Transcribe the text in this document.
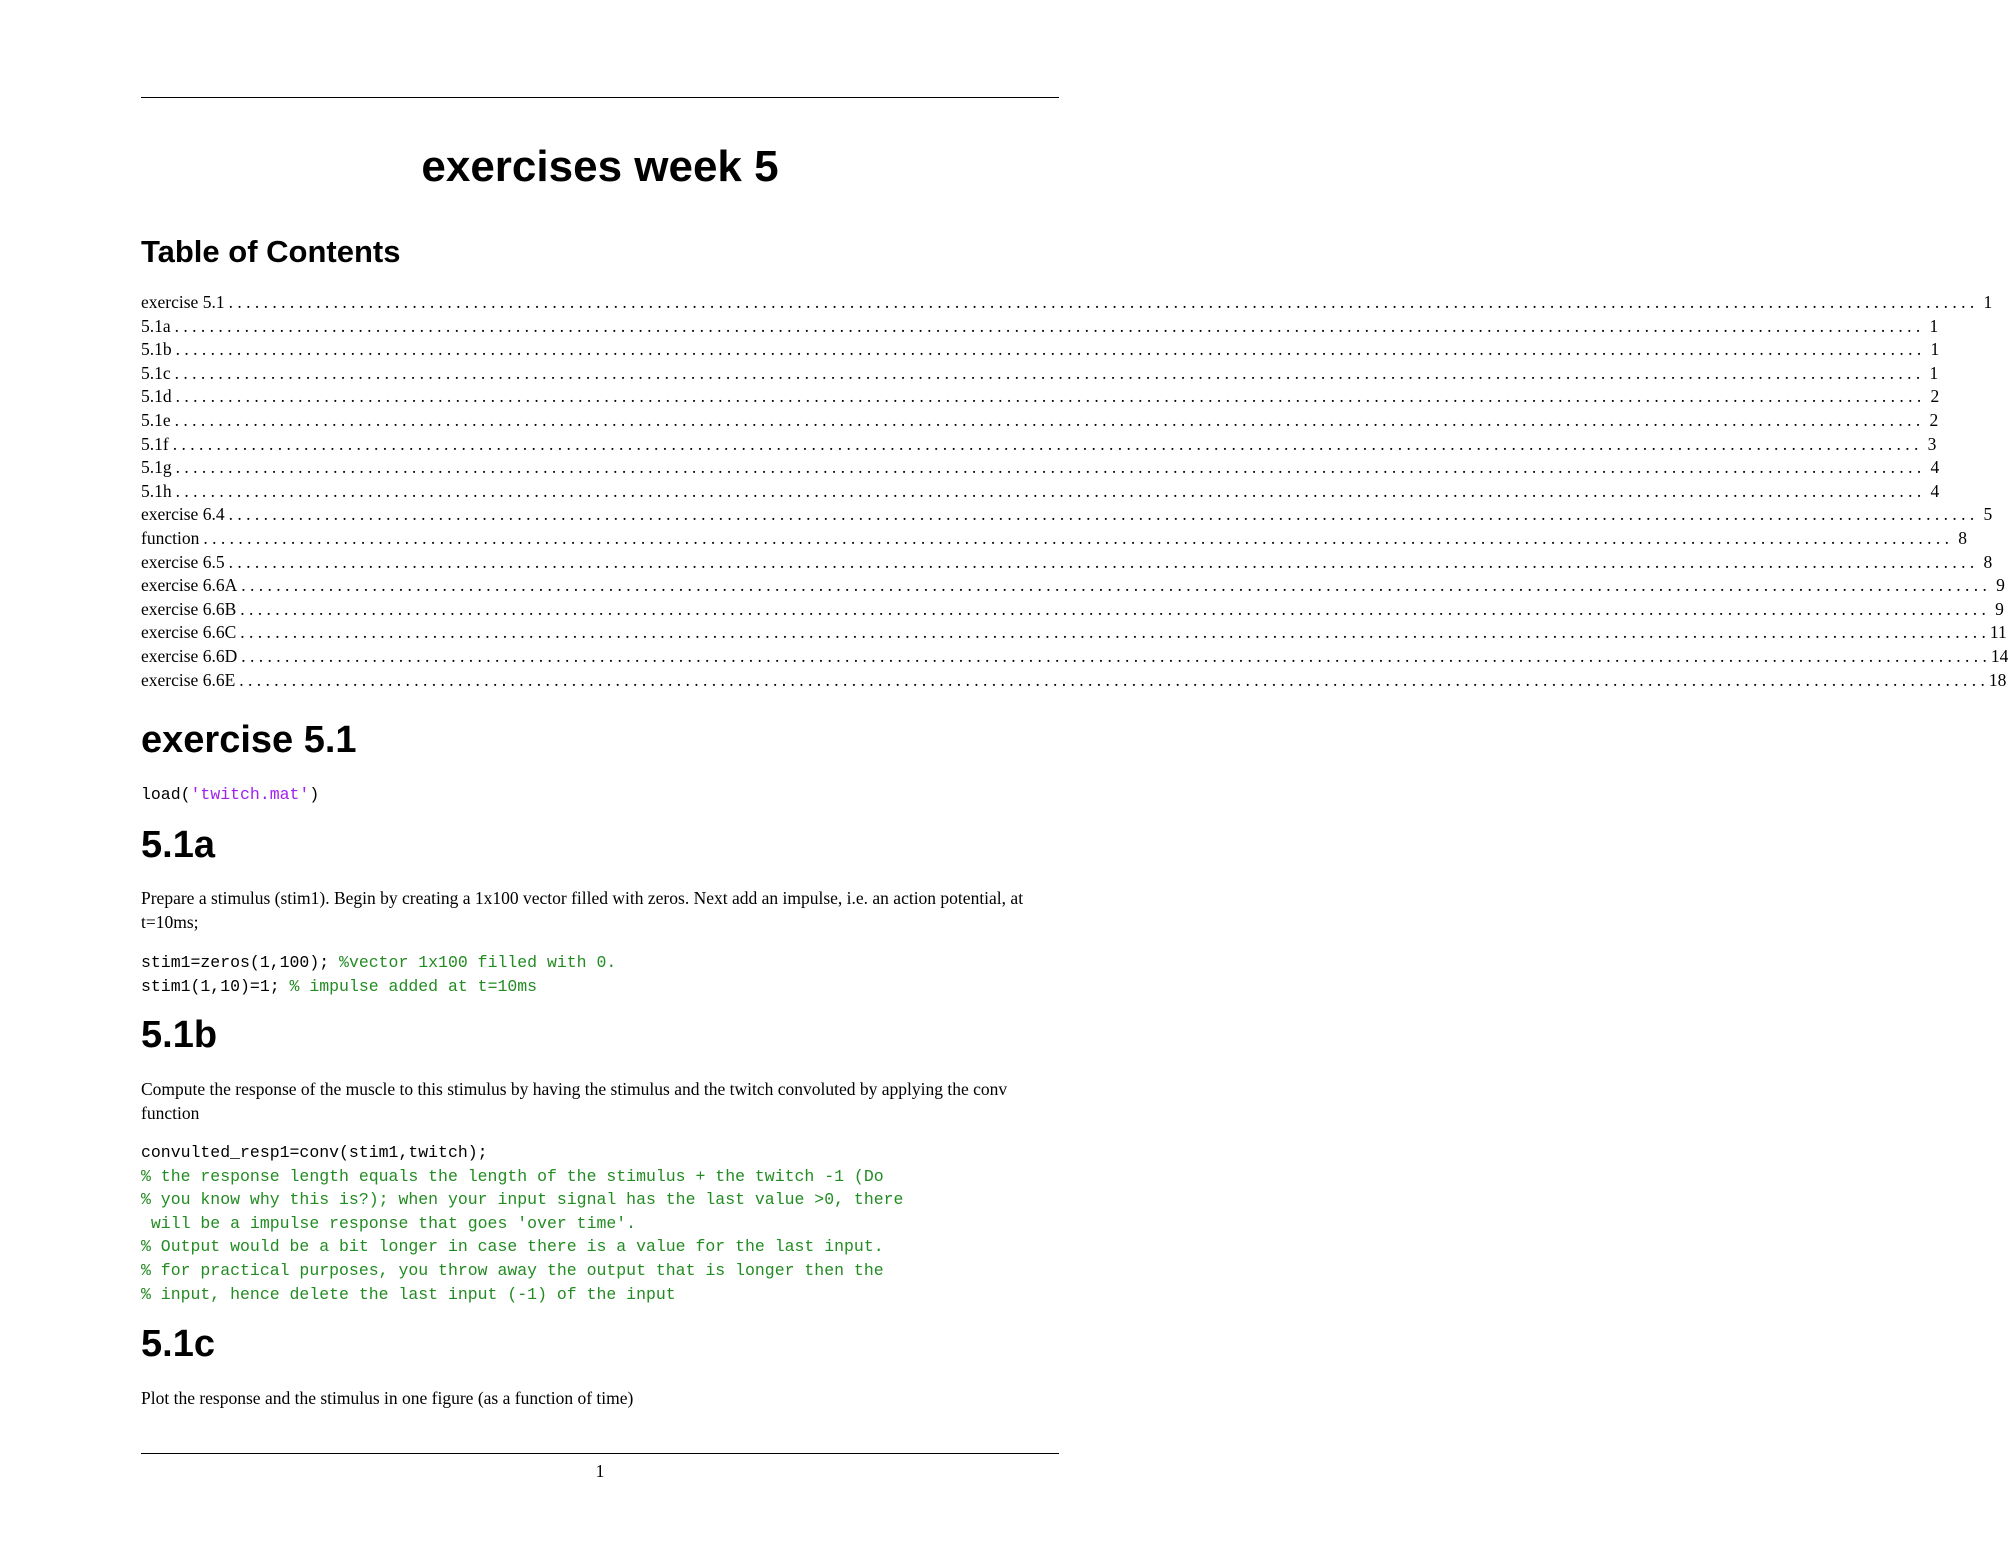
exercises week 5
Table of Contents
exercise 5.1 . . . . . . . . . . . . . . . . . . . . . . . . . . . . . . . . . . . . . . . . . . . . . . . . . . . . . . . . . . . . . . . . . . . . . . . . . . . . . . . . . . . . . . . . . . . . . . . . . . . . . . . . . . . . . . . . . . . . . . . . . . . . . . . . . . . . . . . . . . . . . . . . . . . . . . . . . . . . . . . . . . . . . . . . . . . . . . . . . . . . . . . . . . . . . . . . . . . . . . . . 1
5.1a . . . . . . . . . . . . . . . . . . . . . . . . . . . . . . . . . . . . . . . . . . . . . . . . . . . . . . . . . . . . . . . . . . . . . . . . . . . . . . . . . . . . . . . . . . . . . . . . . . . . . . . . . . . . . . . . . . . . . . . . . . . . . . . . . . . . . . . . . . . . . . . . . . . . . . . . . . . . . . . . . . . . . . . . . . . . . . . . . . . . . . . . . . . . . . . . . . . . . . . . 1
5.1b . . . . . . . . . . . . . . . . . . . . . . . . . . . . . . . . . . . . . . . . . . . . . . . . . . . . . . . . . . . . . . . . . . . . . . . . . . . . . . . . . . . . . . . . . . . . . . . . . . . . . . . . . . . . . . . . . . . . . . . . . . . . . . . . . . . . . . . . . . . . . . . . . . . . . . . . . . . . . . . . . . . . . . . . . . . . . . . . . . . . . . . . . . . . . . . . . . . . . . . . 1
5.1c . . . . . . . . . . . . . . . . . . . . . . . . . . . . . . . . . . . . . . . . . . . . . . . . . . . . . . . . . . . . . . . . . . . . . . . . . . . . . . . . . . . . . . . . . . . . . . . . . . . . . . . . . . . . . . . . . . . . . . . . . . . . . . . . . . . . . . . . . . . . . . . . . . . . . . . . . . . . . . . . . . . . . . . . . . . . . . . . . . . . . . . . . . . . . . . . . . . . . . . . 1
5.1d . . . . . . . . . . . . . . . . . . . . . . . . . . . . . . . . . . . . . . . . . . . . . . . . . . . . . . . . . . . . . . . . . . . . . . . . . . . . . . . . . . . . . . . . . . . . . . . . . . . . . . . . . . . . . . . . . . . . . . . . . . . . . . . . . . . . . . . . . . . . . . . . . . . . . . . . . . . . . . . . . . . . . . . . . . . . . . . . . . . . . . . . . . . . . . . . . . . . . . . . 2
5.1e . . . . . . . . . . . . . . . . . . . . . . . . . . . . . . . . . . . . . . . . . . . . . . . . . . . . . . . . . . . . . . . . . . . . . . . . . . . . . . . . . . . . . . . . . . . . . . . . . . . . . . . . . . . . . . . . . . . . . . . . . . . . . . . . . . . . . . . . . . . . . . . . . . . . . . . . . . . . . . . . . . . . . . . . . . . . . . . . . . . . . . . . . . . . . . . . . . . . . . . . 2
5.1f . . . . . . . . . . . . . . . . . . . . . . . . . . . . . . . . . . . . . . . . . . . . . . . . . . . . . . . . . . . . . . . . . . . . . . . . . . . . . . . . . . . . . . . . . . . . . . . . . . . . . . . . . . . . . . . . . . . . . . . . . . . . . . . . . . . . . . . . . . . . . . . . . . . . . . . . . . . . . . . . . . . . . . . . . . . . . . . . . . . . . . . . . . . . . . . . . . . . . . . . 3
5.1g . . . . . . . . . . . . . . . . . . . . . . . . . . . . . . . . . . . . . . . . . . . . . . . . . . . . . . . . . . . . . . . . . . . . . . . . . . . . . . . . . . . . . . . . . . . . . . . . . . . . . . . . . . . . . . . . . . . . . . . . . . . . . . . . . . . . . . . . . . . . . . . . . . . . . . . . . . . . . . . . . . . . . . . . . . . . . . . . . . . . . . . . . . . . . . . . . . . . . . . . 4
5.1h . . . . . . . . . . . . . . . . . . . . . . . . . . . . . . . . . . . . . . . . . . . . . . . . . . . . . . . . . . . . . . . . . . . . . . . . . . . . . . . . . . . . . . . . . . . . . . . . . . . . . . . . . . . . . . . . . . . . . . . . . . . . . . . . . . . . . . . . . . . . . . . . . . . . . . . . . . . . . . . . . . . . . . . . . . . . . . . . . . . . . . . . . . . . . . . . . . . . . . . . 4
exercise 6.4 . . . . . . . . . . . . . . . . . . . . . . . . . . . . . . . . . . . . . . . . . . . . . . . . . . . . . . . . . . . . . . . . . . . . . . . . . . . . . . . . . . . . . . . . . . . . . . . . . . . . . . . . . . . . . . . . . . . . . . . . . . . . . . . . . . . . . . . . . . . . . . . . . . . . . . . . . . . . . . . . . . . . . . . . . . . . . . . . . . . . . . . . . . . . . . . . . . . . . . . . 5
function . . . . . . . . . . . . . . . . . . . . . . . . . . . . . . . . . . . . . . . . . . . . . . . . . . . . . . . . . . . . . . . . . . . . . . . . . . . . . . . . . . . . . . . . . . . . . . . . . . . . . . . . . . . . . . . . . . . . . . . . . . . . . . . . . . . . . . . . . . . . . . . . . . . . . . . . . . . . . . . . . . . . . . . . . . . . . . . . . . . . . . . . . . . . . . . . . . . . . . . . 8
exercise 6.5 . . . . . . . . . . . . . . . . . . . . . . . . . . . . . . . . . . . . . . . . . . . . . . . . . . . . . . . . . . . . . . . . . . . . . . . . . . . . . . . . . . . . . . . . . . . . . . . . . . . . . . . . . . . . . . . . . . . . . . . . . . . . . . . . . . . . . . . . . . . . . . . . . . . . . . . . . . . . . . . . . . . . . . . . . . . . . . . . . . . . . . . . . . . . . . . . . . . . . . . . 8
exercise 6.6A . . . . . . . . . . . . . . . . . . . . . . . . . . . . . . . . . . . . . . . . . . . . . . . . . . . . . . . . . . . . . . . . . . . . . . . . . . . . . . . . . . . . . . . . . . . . . . . . . . . . . . . . . . . . . . . . . . . . . . . . . . . . . . . . . . . . . . . . . . . . . . . . . . . . . . . . . . . . . . . . . . . . . . . . . . . . . . . . . . . . . . . . . . . . . . . . . . . . . . . . 9
exercise 6.6B . . . . . . . . . . . . . . . . . . . . . . . . . . . . . . . . . . . . . . . . . . . . . . . . . . . . . . . . . . . . . . . . . . . . . . . . . . . . . . . . . . . . . . . . . . . . . . . . . . . . . . . . . . . . . . . . . . . . . . . . . . . . . . . . . . . . . . . . . . . . . . . . . . . . . . . . . . . . . . . . . . . . . . . . . . . . . . . . . . . . . . . . . . . . . . . . . . . . . . . . 9
exercise 6.6C . . . . . . . . . . . . . . . . . . . . . . . . . . . . . . . . . . . . . . . . . . . . . . . . . . . . . . . . . . . . . . . . . . . . . . . . . . . . . . . . . . . . . . . . . . . . . . . . . . . . . . . . . . . . . . . . . . . . . . . . . . . . . . . . . . . . . . . . . . . . . . . . . . . . . . . . . . . . . . . . . . . . . . . . . . . . . . . . . . . . . . . . . . . . . . . . . . . . . . . . 11
exercise 6.6D . . . . . . . . . . . . . . . . . . . . . . . . . . . . . . . . . . . . . . . . . . . . . . . . . . . . . . . . . . . . . . . . . . . . . . . . . . . . . . . . . . . . . . . . . . . . . . . . . . . . . . . . . . . . . . . . . . . . . . . . . . . . . . . . . . . . . . . . . . . . . . . . . . . . . . . . . . . . . . . . . . . . . . . . . . . . . . . . . . . . . . . . . . . . . . . . . . . . . . . . 14
exercise 6.6E . . . . . . . . . . . . . . . . . . . . . . . . . . . . . . . . . . . . . . . . . . . . . . . . . . . . . . . . . . . . . . . . . . . . . . . . . . . . . . . . . . . . . . . . . . . . . . . . . . . . . . . . . . . . . . . . . . . . . . . . . . . . . . . . . . . . . . . . . . . . . . . . . . . . . . . . . . . . . . . . . . . . . . . . . . . . . . . . . . . . . . . . . . . . . . . . . . . . . . . . 18
exercise 5.1
load('twitch.mat')
5.1a

Prepare a stimulus (stim1). Begin by creating a 1x100 vector filled with zeros. Next add an impulse, i.e. an action potential, at t=10ms;

stim1=zeros(1,100); %vector 1x100 filled with 0.
stim1(1,10)=1; % impulse added at t=10ms
5.1b

Compute the response of the muscle to this stimulus by having the stimulus and the twitch convoluted by applying the conv function

convulted_resp1=conv(stim1,twitch);
% the response length equals the length of the stimulus + the twitch -1 (Do
% you know why this is?); when your input signal has the last value >0, there
will be a impulse response that goes 'over time'.
% Output would be a bit longer in case there is a value for the last input.
% for practical purposes, you throw away the output that is longer then the
% input, hence delete the last input (-1) of the input
5.1c

Plot the response and the stimulus in one figure (as a function of time)

1
